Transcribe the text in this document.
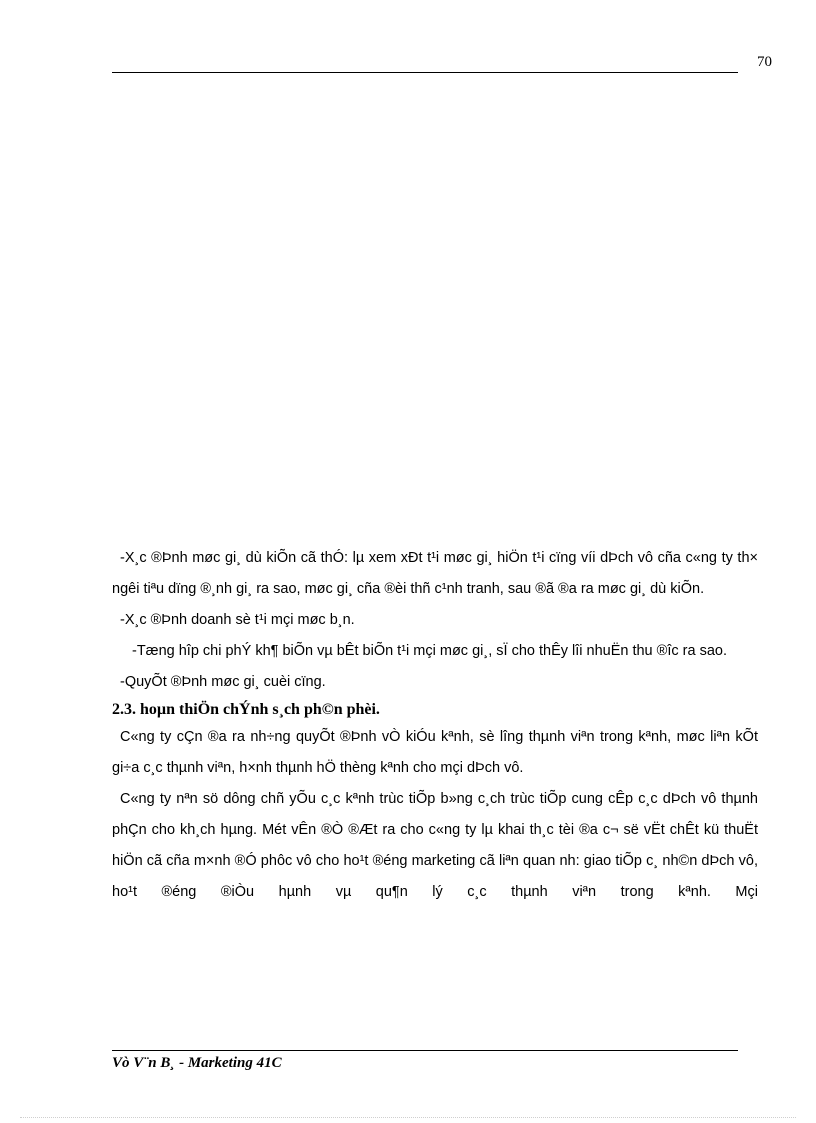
70

-X¸c ®Þnh møc gi¸ dù kiÕn cã thÓ: lµ xem xÐt t¹i møc gi¸ hiÖn t¹i cïng víi dÞch vô cña c«ng ty th× ngêi tiªu dïng ®¸nh gi¸ ra sao, møc gi¸ cña ®èi thñ c¹nh tranh, sau ®ã ®a ra møc gi¸ dù kiÕn.

-X¸c ®Þnh doanh sè t¹i mçi møc b¸n.

-Tæng hîp chi phÝ kh¶ biÕn vµ bÊt biÕn t¹i mçi møc gi¸, sÏ cho thÊy lîi nhuËn thu ®îc ra sao.

-QuyÕt ®Þnh møc gi¸ cuèi cïng.

2.3. hoµn thiÖn chÝnh s¸ch ph©n phèi.

C«ng ty cÇn ®a ra nh÷ng quyÕt ®Þnh vÒ kiÓu kªnh, sè lîng thµnh viªn trong kªnh, møc liªn kÕt gi÷a c¸c thµnh viªn, h×nh thµnh hÖ thèng kªnh cho mçi dÞch vô.

C«ng ty nªn sö dông chñ yÕu c¸c kªnh trùc tiÕp b»ng c¸ch trùc tiÕp cung cÊp c¸c dÞch vô thµnh phÇn cho kh¸ch hµng. Mét vÊn ®Ò ®Æt ra cho c«ng ty lµ khai th¸c tèi ®a c¬ së vËt chÊt kü thuËt hiÖn cã cña m×nh ®Ó phôc vô cho ho¹t ®éng marketing cã liªn quan nh: giao tiÕp c¸ nh©n dÞch vô, ho¹t ®éng ®iÒu hµnh vµ qu¶n lý c¸c thµnh viªn trong kªnh. Mçi

Vò V¨n B¸ - Marketing 41C
